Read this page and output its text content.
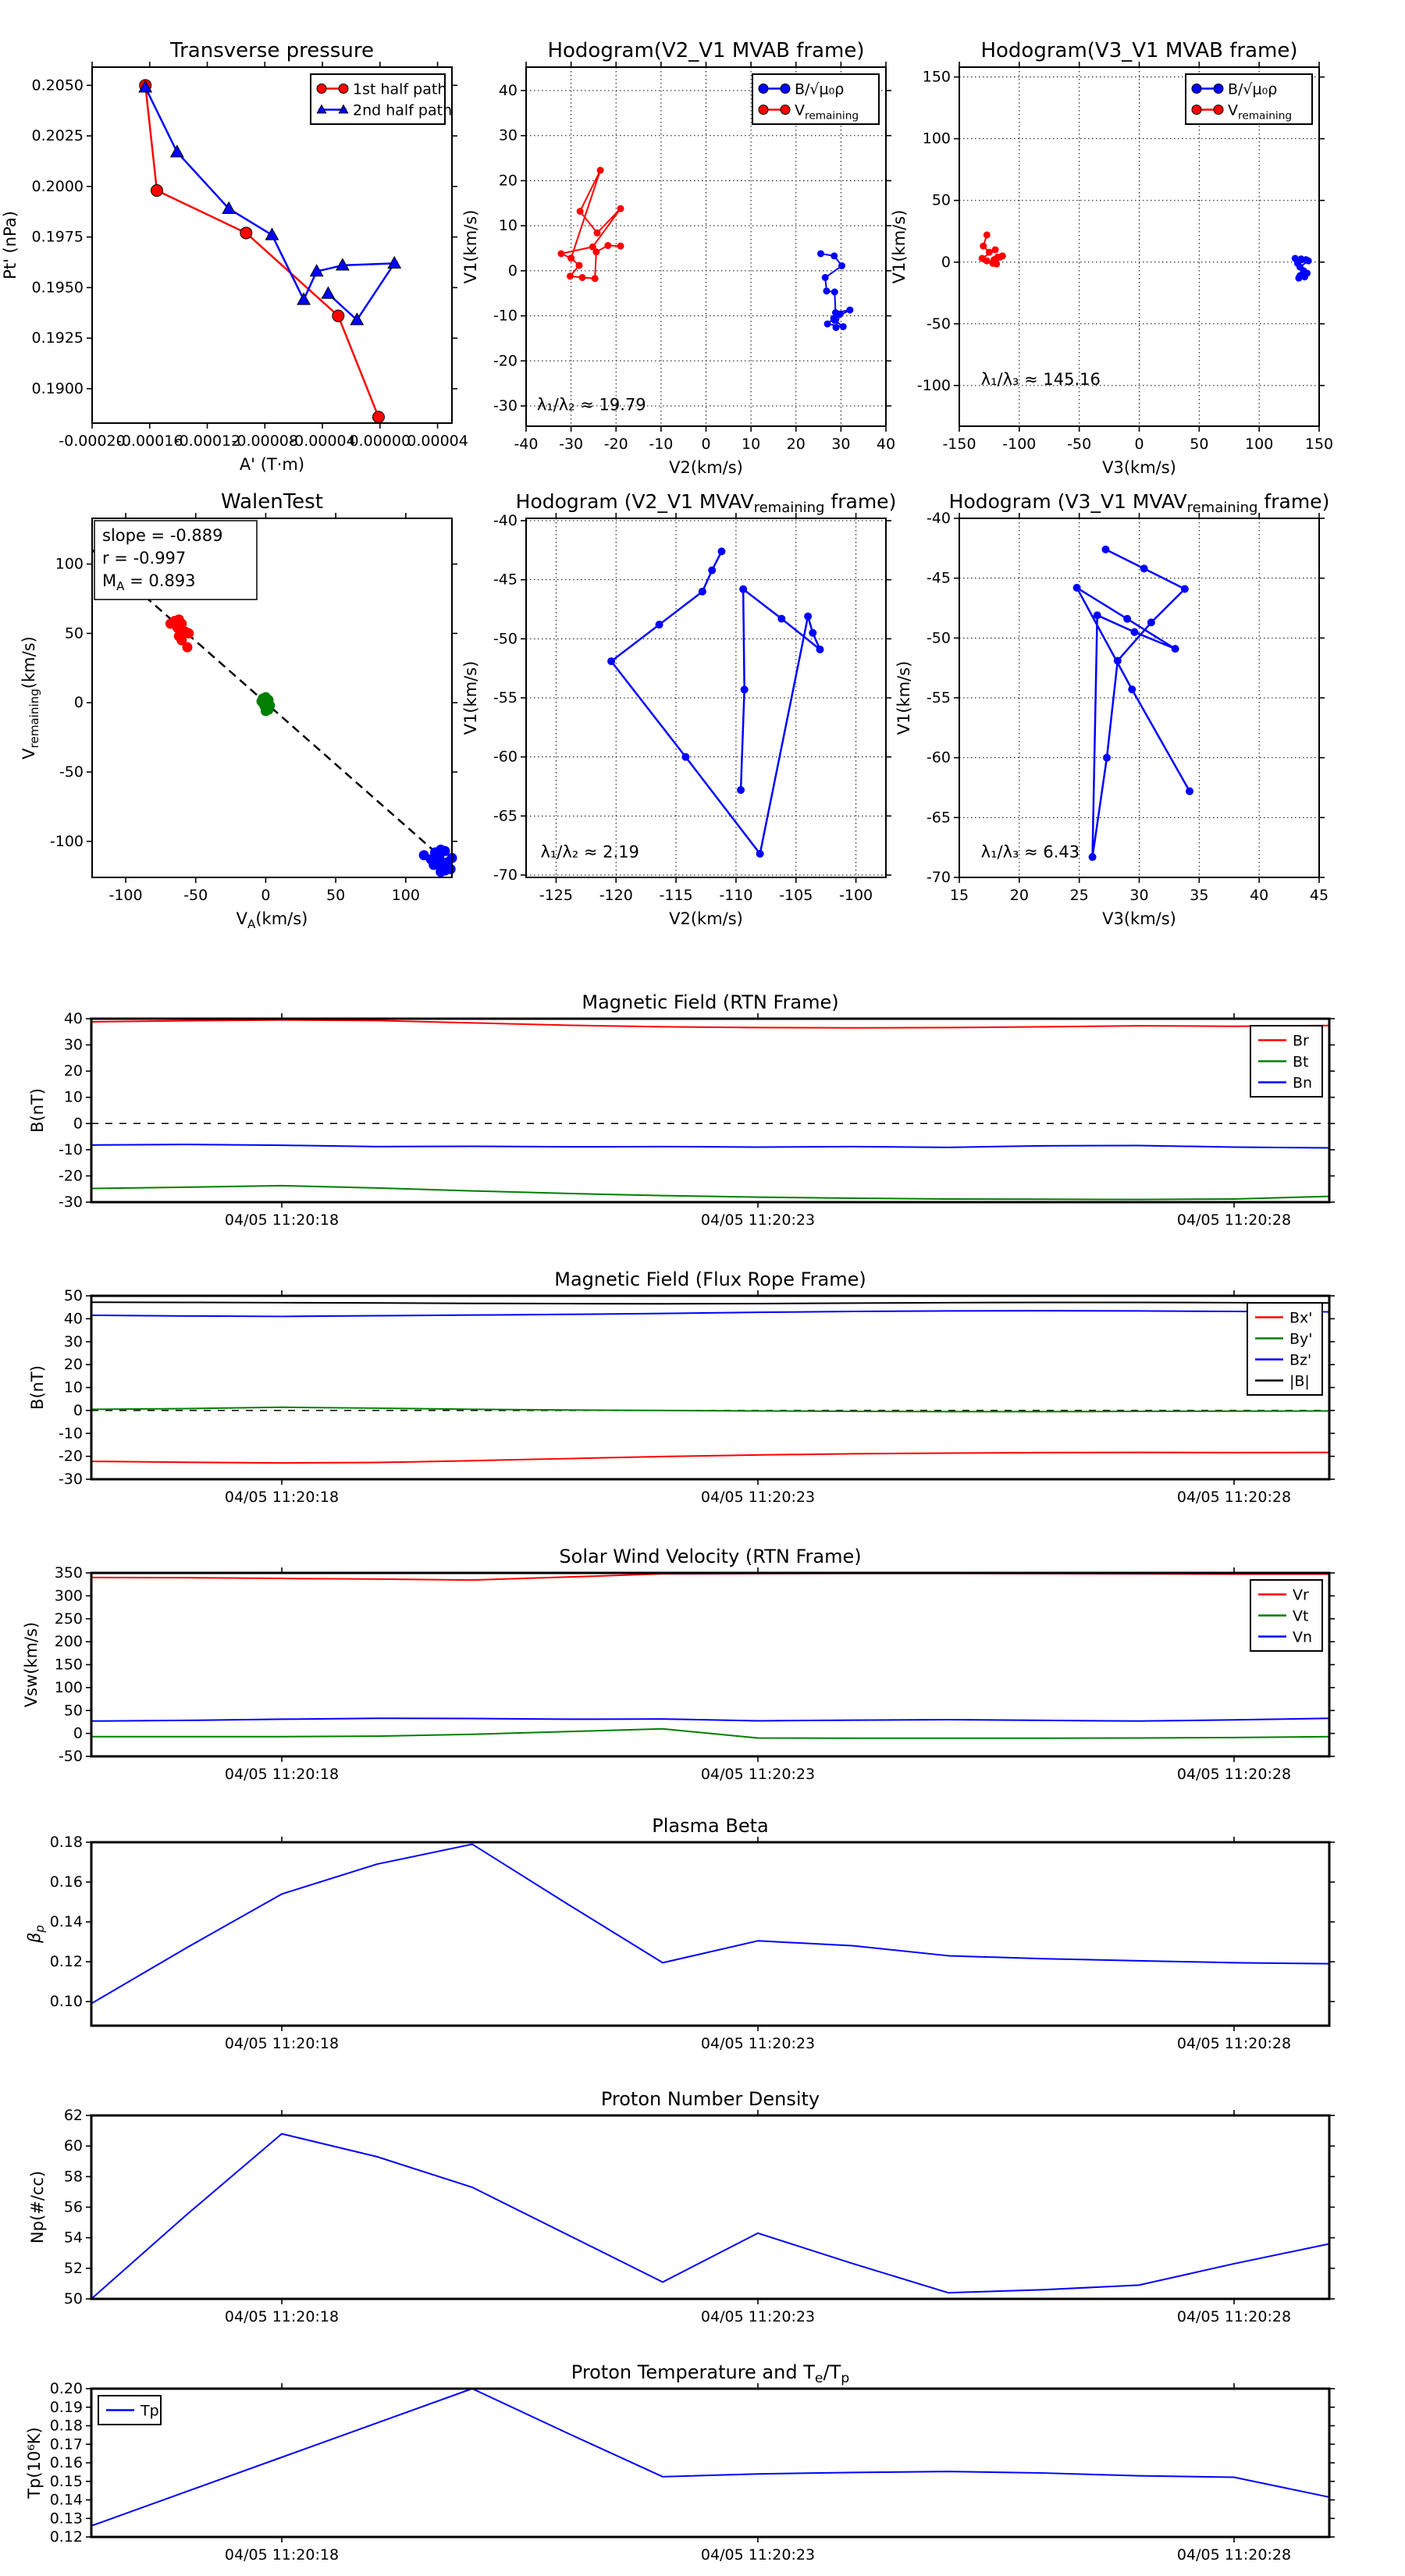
-0.00020
-0.00016
-0.00012
-0.00008
-0.00004
0.00000
0.00004
0.1900
0.1925
0.1950
0.1975
0.2000
0.2025
0.2050
Transverse pressure
A' (T·m)
Pt' (nPa)
1st half path
2nd half path
-40 -30 -20 -10 0 10 20 30 40
-30
-20
-10
0
10
20
30
40
Hodogram(V2_V1 MVAB frame)
V2(km/s)
V1(km/s)
λ₁/λ₂ ≈ 19.79
B/√μ₀ρ
$V_{remaining}$
-150 -100 -50	0	50 100 150
-100
-50
0
50
100
150
Hodogram(V3_V1 MVAB frame)
V3(km/s)
V1(km/s)
λ₁/λ₃ ≈ 145.16
B/√μ₀ρ
$V_{remaining}$
-100	-50	0	50	100
-100
-50
0
50
100
WalenTest
$V_A(km/s)$
$V_{remaining}(km/s)$
slope = -0.889
r = -0.997
$M_A = 0.893$
-125 -120 -115 -110 -105 -100
-70
-65
-60
-55
-50
-45
-40
Hodogram (V2_V1 $MVAV_{remaining}$ frame)
V2(km/s)
V1(km/s)
λ₁/λ₂ ≈ 2.19
15	20	25	30	35	40	45
-70
-65
-60
-55
-50
-45
-40
Hodogram (V3_V1 $MVAV_{remaining}$ frame)
V3(km/s)
V1(km/s)
λ₁/λ₃ ≈ 6.43
04/05 11:20:18	04/05 11:20:23	04/05 11:20:28
-30
-20
-10
0
10
20
30
40
Magnetic Field (RTN Frame)
B(nT)
Br
Bt
Bn
04/05 11:20:18	04/05 11:20:23	04/05 11:20:28
-30
-20
-10
0
10
20
30
40
50
Magnetic Field (Flux Rope Frame)
B(nT)
Bx'
By'
Bz'
|B|
04/05 11:20:18	04/05 11:20:23	04/05 11:20:28
-50
0
50
100
150
200
250
300
350
Solar Wind Velocity (RTN Frame)
Vsw(km/s)
Vr
Vt
Vn
04/05 11:20:18	04/05 11:20:23	04/05 11:20:28
0.10
0.12
0.14
0.16
0.18
Plasma Beta
$\beta_p$
04/05 11:20:18	04/05 11:20:23	04/05 11:20:28
50
52
54
56
58
60
62
Proton Number Density
Np(#/cc)
04/05 11:20:18	04/05 11:20:23	04/05 11:20:28
0.12
0.13
0.14
0.15
0.16
0.17
0.18
0.19
0.20
Proton Temperature and $T_e/T_p$
Tp(10⁶K)
Tp
